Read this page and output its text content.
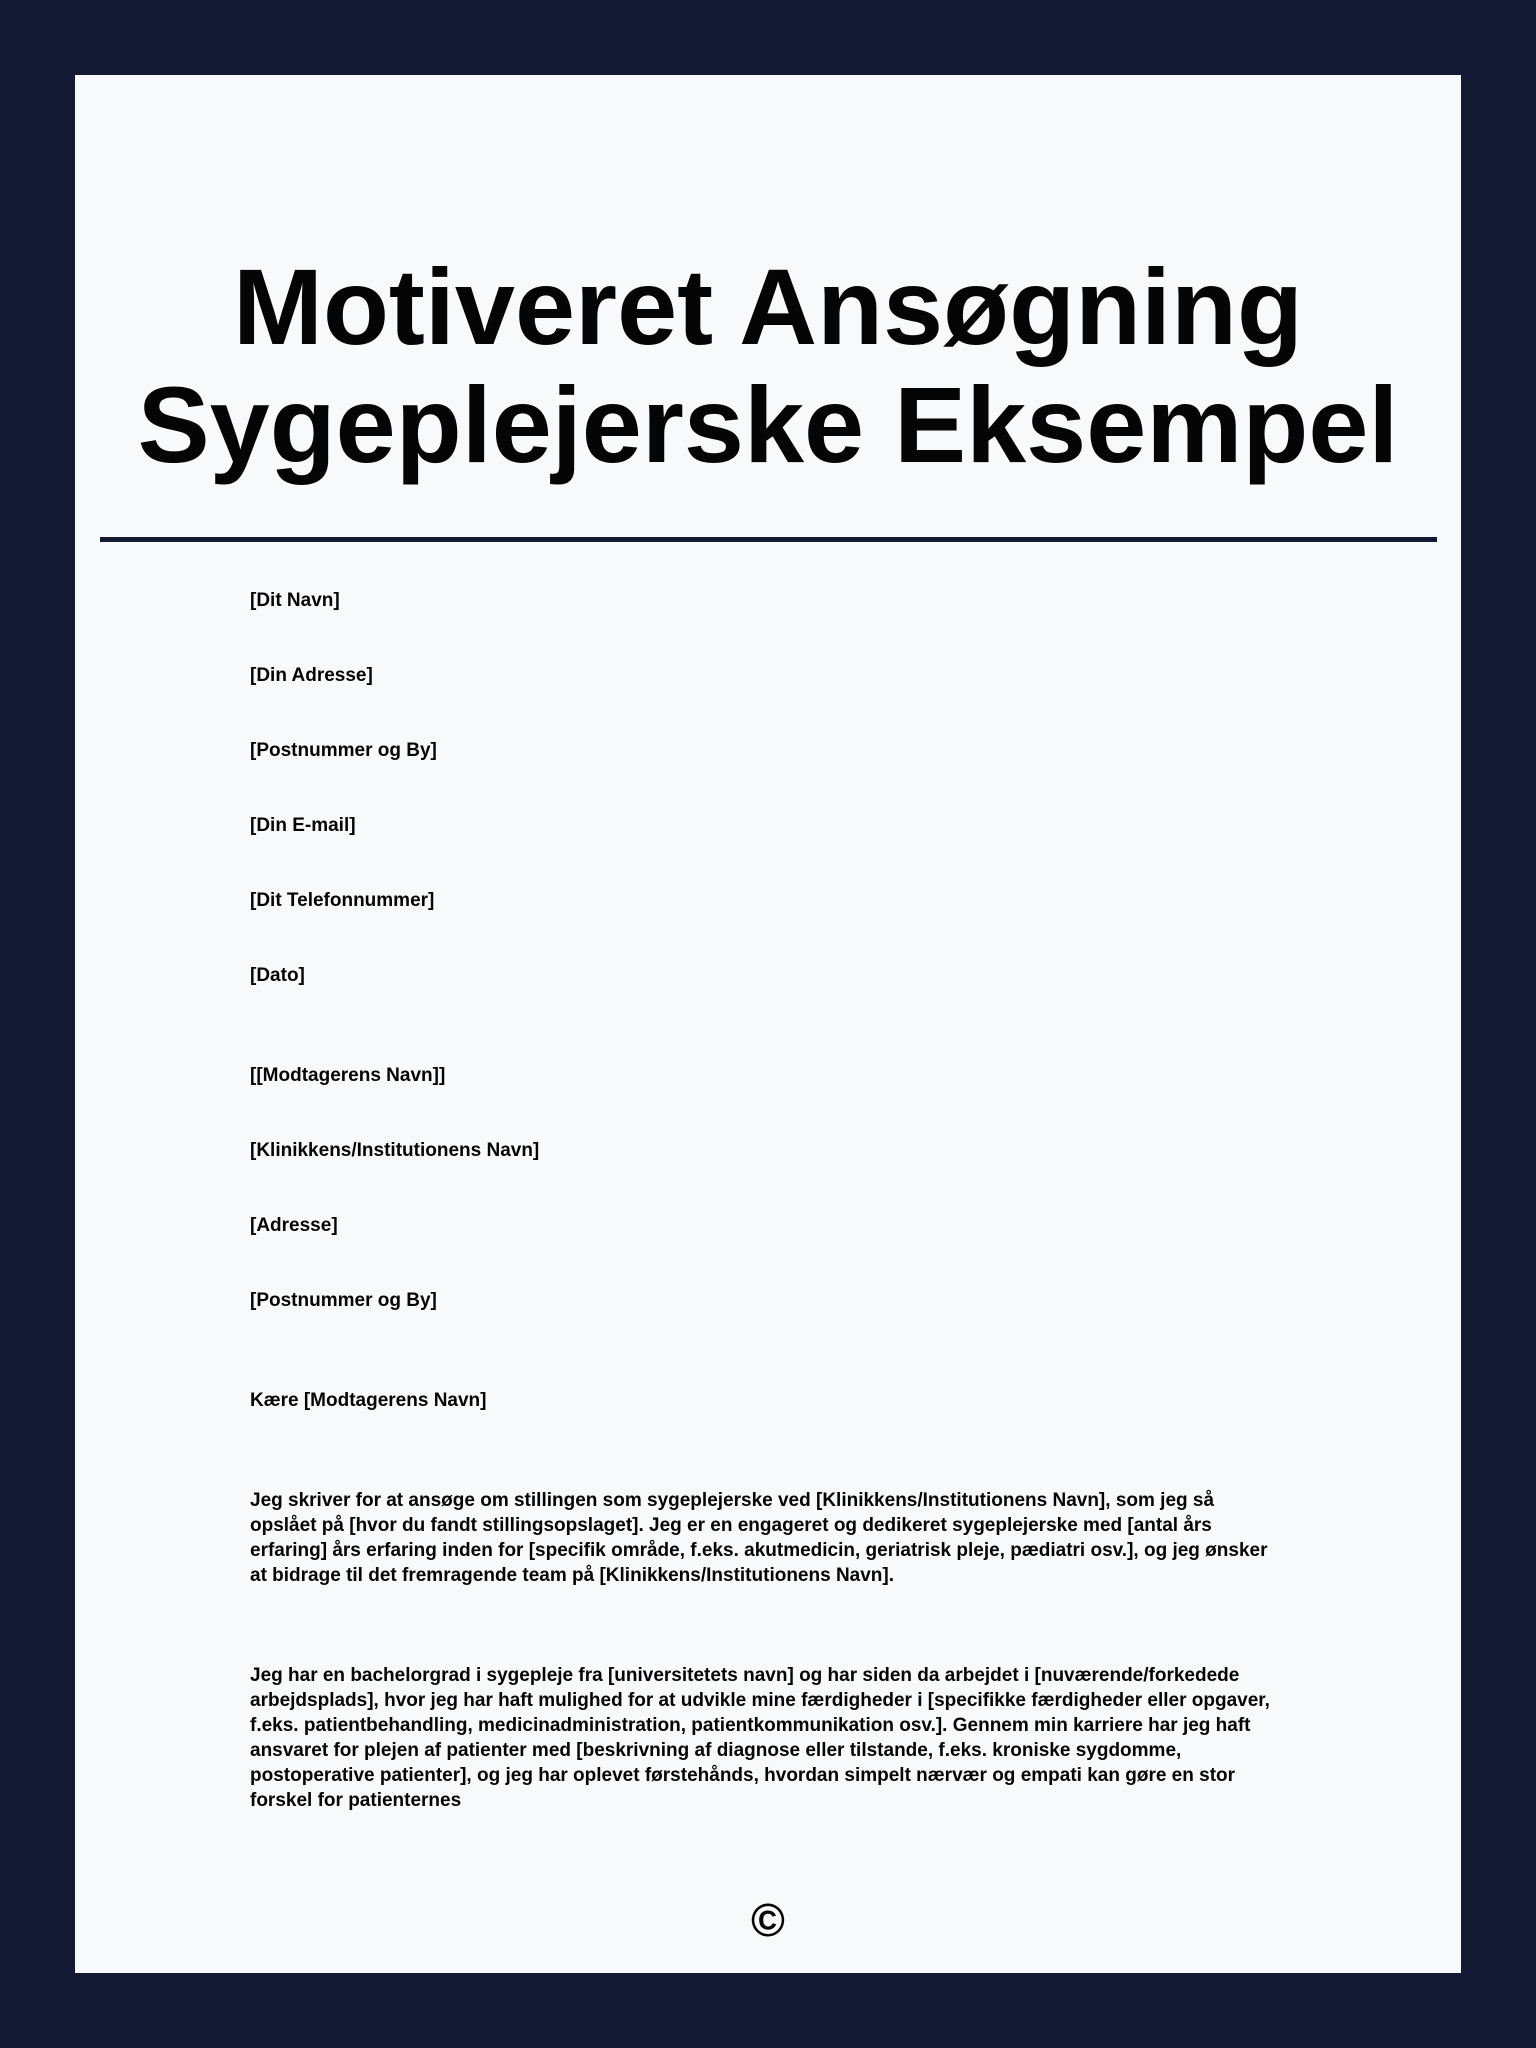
Motiveret Ansøgning
Sygeplejerske Eksempel
[Dit Navn]
[Din Adresse]
[Postnummer og By]
[Din E-mail]
[Dit Telefonnummer]
[Dato]
[[Modtagerens Navn]]
[Klinikkens/Institutionens Navn]
[Adresse]
[Postnummer og By]
Kære [Modtagerens Navn]
Jeg skriver for at ansøge om stillingen som sygeplejerske ved [Klinikkens/Institutionens Navn], som jeg så opslået på [hvor du fandt stillingsopslaget]. Jeg er en engageret og dedikeret sygeplejerske med [antal års erfaring] års erfaring inden for [specifik område, f.eks. akutmedicin, geriatrisk pleje, pædiatri osv.], og jeg ønsker at bidrage til det fremragende team på [Klinikkens/Institutionens Navn].
Jeg har en bachelorgrad i sygepleje fra [universitetets navn] og har siden da arbejdet i [nuværende/forkedede arbejdsplads], hvor jeg har haft mulighed for at udvikle mine færdigheder i [specifikke færdigheder eller opgaver, f.eks. patientbehandling, medicinadministration, patientkommunikation osv.]. Gennem min karriere har jeg haft ansvaret for plejen af patienter med [beskrivning af diagnose eller tilstande, f.eks. kroniske sygdomme, postoperative patienter], og jeg har oplevet førstehånds, hvordan simpelt nærvær og empati kan gøre en stor forskel for patienternes
©
